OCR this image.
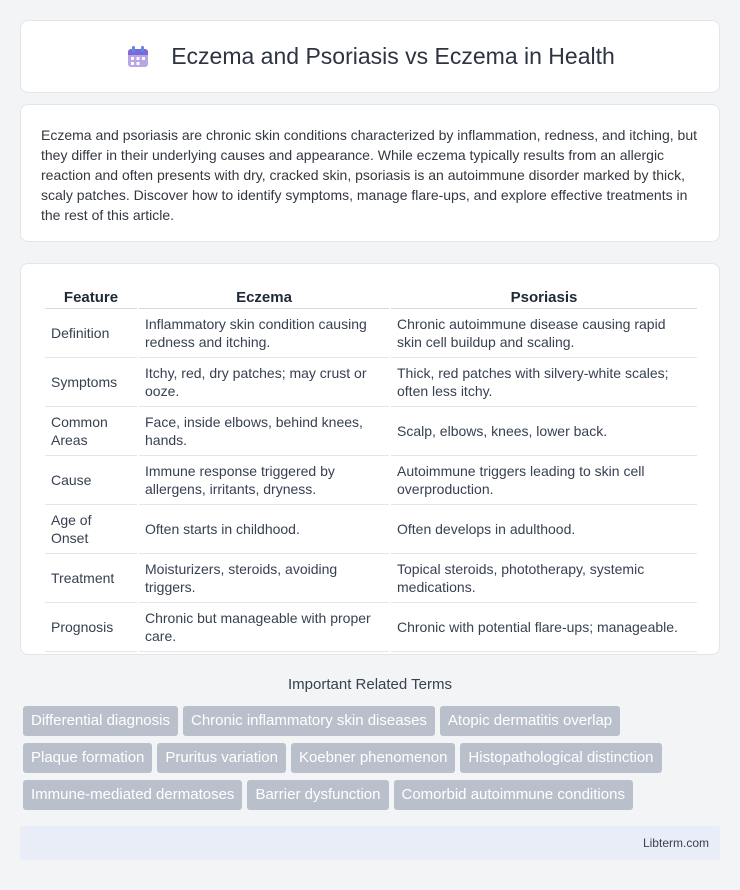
Eczema and Psoriasis vs Eczema in Health

Eczema and psoriasis are chronic skin conditions characterized by inflammation, redness, and itching, but they differ in their underlying causes and appearance. While eczema typically results from an allergic reaction and often presents with dry, cracked skin, psoriasis is an autoimmune disorder marked by thick, scaly patches. Discover how to identify symptoms, manage flare-ups, and explore effective treatments in the rest of this article.

Feature	Eczema	Psoriasis
Definition	Inflammatory skin condition causing redness and itching.	Chronic autoimmune disease causing rapid skin cell buildup and scaling.
Symptoms	Itchy, red, dry patches; may crust or ooze.	Thick, red patches with silvery-white scales; often less itchy.
Common Areas	Face, inside elbows, behind knees, hands.	Scalp, elbows, knees, lower back.
Cause	Immune response triggered by allergens, irritants, dryness.	Autoimmune triggers leading to skin cell overproduction.
Age of Onset	Often starts in childhood.	Often develops in adulthood.
Treatment	Moisturizers, steroids, avoiding triggers.	Topical steroids, phototherapy, systemic medications.
Prognosis	Chronic but manageable with proper care.	Chronic with potential flare-ups; manageable.
Important Related Terms
Differential diagnosis	Chronic inflammatory skin diseases	Atopic dermatitis overlap
Plaque formation	Pruritus variation	Koebner phenomenon	Histopathological distinction
Immune-mediated dermatoses	Barrier dysfunction	Comorbid autoimmune conditions
Libterm.com
